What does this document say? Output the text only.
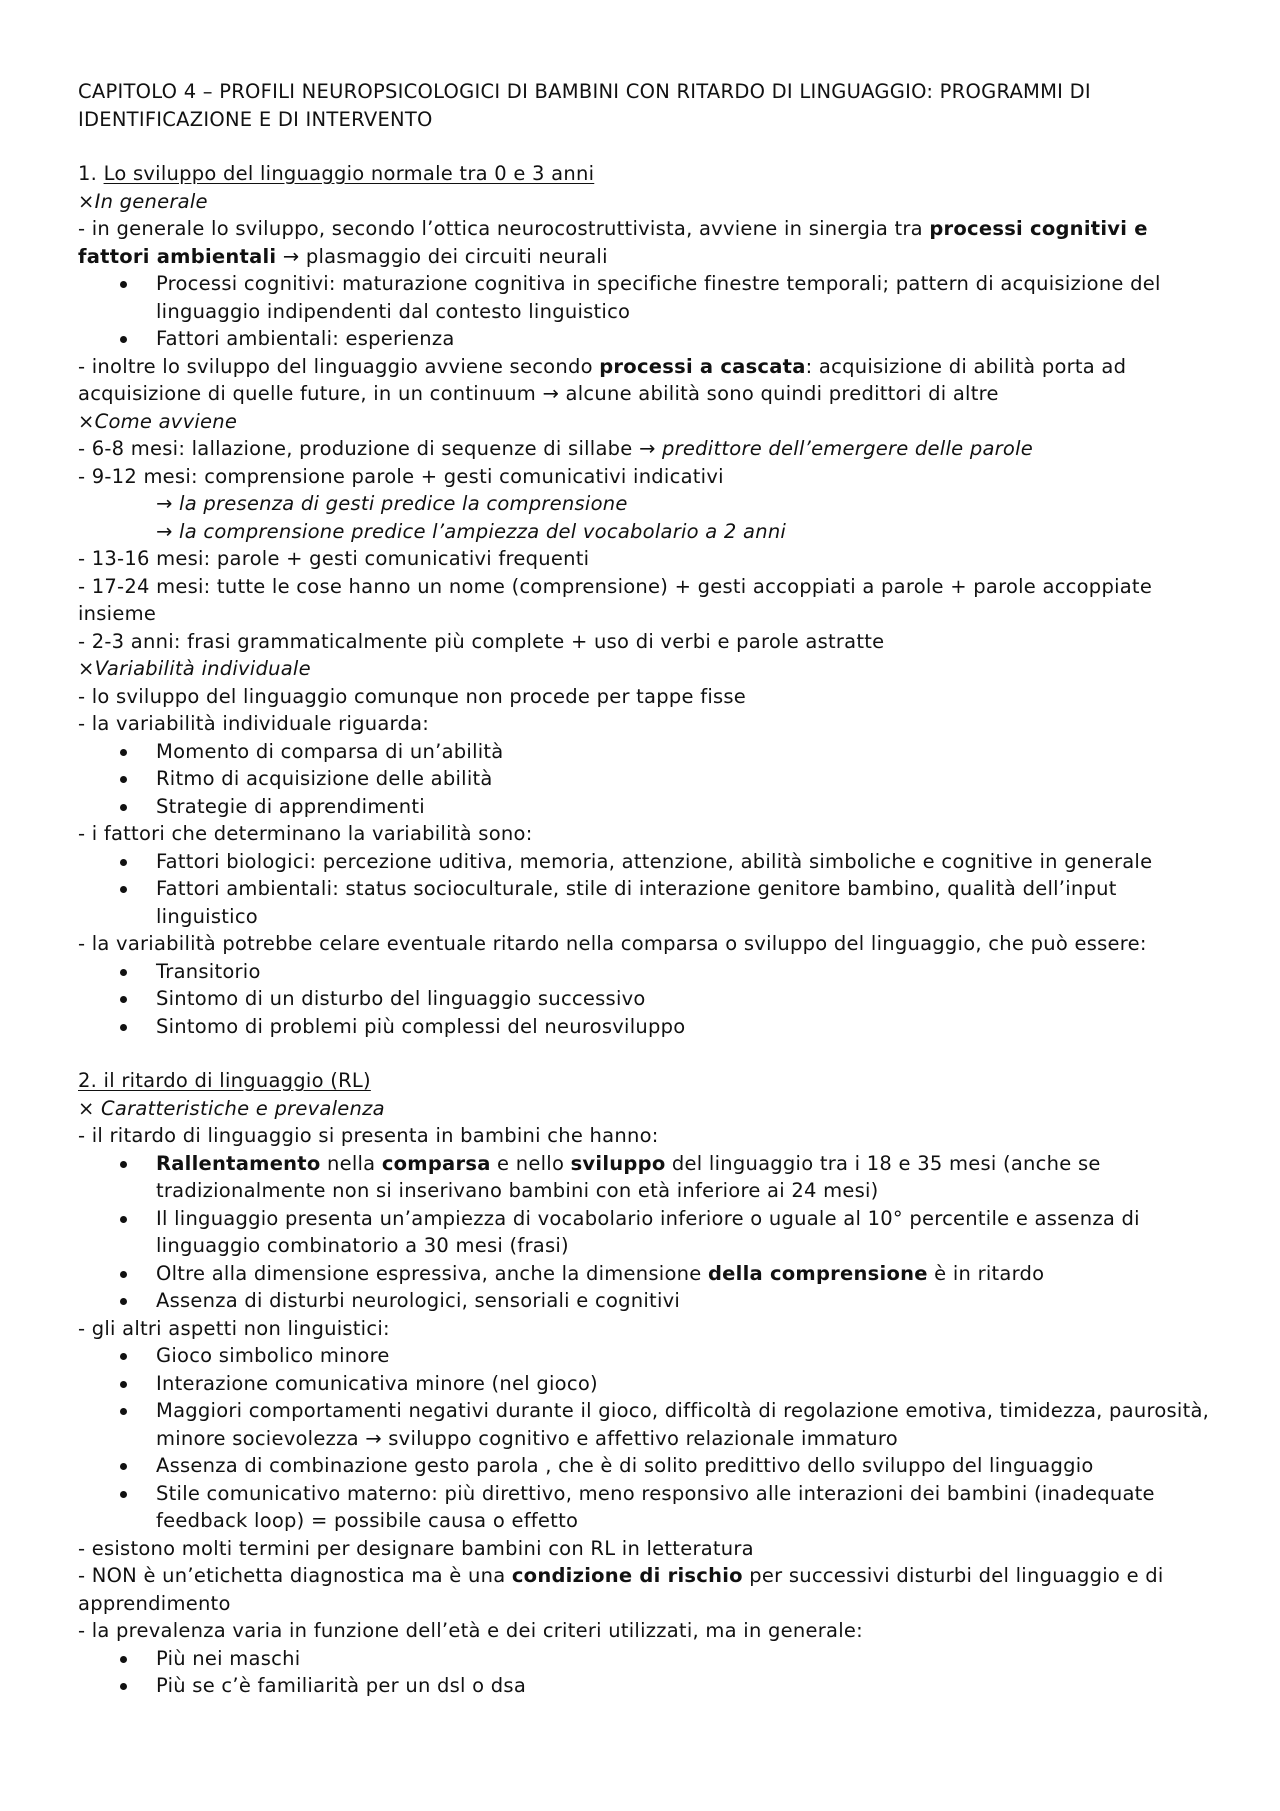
CAPITOLO 4 – PROFILI NEUROPSICOLOGICI DI BAMBINI CON RITARDO DI LINGUAGGIO: PROGRAMMI DI
IDENTIFICAZIONE E DI INTERVENTO
1. Lo sviluppo del linguaggio normale tra 0 e 3 anni
×In generale
- in generale lo sviluppo, secondo l’ottica neurocostruttivista, avviene in sinergia tra processi cognitivi e
fattori ambientali → plasmaggio dei circuiti neurali
Processi cognitivi: maturazione cognitiva in specifiche finestre temporali; pattern di acquisizione del linguaggio indipendenti dal contesto linguistico
Fattori ambientali: esperienza
- inoltre lo sviluppo del linguaggio avviene secondo processi a cascata: acquisizione di abilità porta ad
acquisizione di quelle future, in un continuum → alcune abilità sono quindi predittori di altre
×Come avviene
- 6-8 mesi: lallazione, produzione di sequenze di sillabe → predittore dell’emergere delle parole
- 9-12 mesi: comprensione parole + gesti comunicativi indicativi
→ la presenza di gesti predice la comprensione
→ la comprensione predice l’ampiezza del vocabolario a 2 anni
- 13-16 mesi: parole + gesti comunicativi frequenti
- 17-24 mesi: tutte le cose hanno un nome (comprensione) + gesti accoppiati a parole + parole accoppiate
insieme
- 2-3 anni: frasi grammaticalmente più complete + uso di verbi e parole astratte
×Variabilità individuale
- lo sviluppo del linguaggio comunque non procede per tappe fisse
- la variabilità individuale riguarda:
Momento di comparsa di un’abilità
Ritmo di acquisizione delle abilità
Strategie di apprendimenti
- i fattori che determinano la variabilità sono:
Fattori biologici: percezione uditiva, memoria, attenzione, abilità simboliche e cognitive in generale
Fattori ambientali: status socioculturale, stile di interazione genitore bambino, qualità dell’input linguistico
- la variabilità potrebbe celare eventuale ritardo nella comparsa o sviluppo del linguaggio, che può essere:
Transitorio
Sintomo di un disturbo del linguaggio successivo
Sintomo di problemi più complessi del neurosviluppo
2. il ritardo di linguaggio (RL)
× Caratteristiche e prevalenza
- il ritardo di linguaggio si presenta in bambini che hanno:
Rallentamento nella comparsa e nello sviluppo del linguaggio tra i 18 e 35 mesi (anche se tradizionalmente non si inserivano bambini con età inferiore ai 24 mesi)
Il linguaggio presenta un’ampiezza di vocabolario inferiore o uguale al 10° percentile e assenza di linguaggio combinatorio a 30 mesi (frasi)
Oltre alla dimensione espressiva, anche la dimensione della comprensione è in ritardo
Assenza di disturbi neurologici, sensoriali e cognitivi
- gli altri aspetti non linguistici:
Gioco simbolico minore
Interazione comunicativa minore (nel gioco)
Maggiori comportamenti negativi durante il gioco, difficoltà di regolazione emotiva, timidezza, paurosità, minore socievolezza → sviluppo cognitivo e affettivo relazionale immaturo
Assenza di combinazione gesto parola , che è di solito predittivo dello sviluppo del linguaggio
Stile comunicativo materno: più direttivo, meno responsivo alle interazioni dei bambini (inadequate feedback loop) = possibile causa o effetto
- esistono molti termini per designare bambini con RL in letteratura
- NON è un’etichetta diagnostica ma è una condizione di rischio per successivi disturbi del linguaggio e di
apprendimento
- la prevalenza varia in funzione dell’età e dei criteri utilizzati, ma in generale:
Più nei maschi
Più se c’è familiarità per un dsl o dsa
